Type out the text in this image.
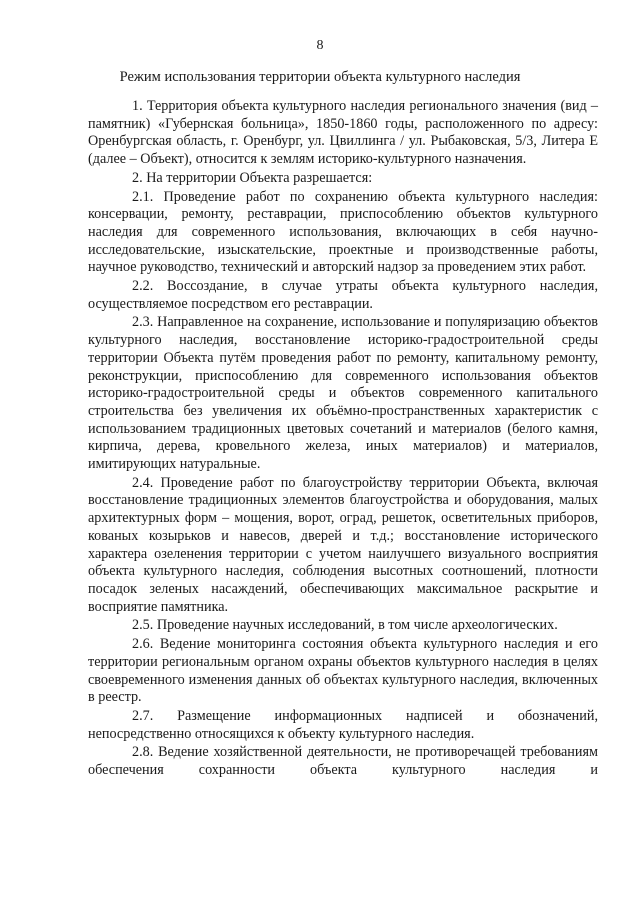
8
Режим использования территории объекта культурного наследия

1. Территория объекта культурного наследия регионального значения (вид – памятник) «Губернская больница», 1850-1860 годы, расположенного по адресу: Оренбургская область, г. Оренбург, ул. Цвиллинга / ул. Рыбаковская, 5/3, Литера Е (далее – Объект), относится к землям историко-культурного назначения.

2. На территории Объекта разрешается:

2.1. Проведение работ по сохранению объекта культурного наследия: консервации, ремонту, реставрации, приспособлению объектов культурного наследия для современного использования, включающих в себя научно-исследовательские, изыскательские, проектные и производственные работы, научное руководство, технический и авторский надзор за проведением этих работ.

2.2. Воссоздание, в случае утраты объекта культурного наследия, осуществляемое посредством его реставрации.

2.3. Направленное на сохранение, использование и популяризацию объектов культурного наследия, восстановление историко-градостроительной среды территории Объекта путём проведения работ по ремонту, капитальному ремонту, реконструкции, приспособлению для современного использования объектов историко-градостроительной среды и объектов современного капитального строительства без увеличения их объёмно-пространственных характеристик с использованием традиционных цветовых сочетаний и материалов (белого камня, кирпича, дерева, кровельного железа, иных материалов) и материалов, имитирующих натуральные.

2.4. Проведение работ по благоустройству территории Объекта, включая восстановление традиционных элементов благоустройства и оборудования, малых архитектурных форм – мощения, ворот, оград, решеток, осветительных приборов, кованых козырьков и навесов, дверей и т.д.; восстановление исторического характера озеленения территории с учетом наилучшего визуального восприятия объекта культурного наследия, соблюдения высотных соотношений, плотности посадок зеленых насаждений, обеспечивающих максимальное раскрытие и восприятие памятника.

2.5. Проведение научных исследований, в том числе археологических.

2.6. Ведение мониторинга состояния объекта культурного наследия и его территории региональным органом охраны объектов культурного наследия в целях своевременного изменения данных об объектах культурного наследия, включенных в реестр.

2.7. Размещение информационных надписей и обозначений, непосредственно относящихся к объекту культурного наследия.

2.8. Ведение хозяйственной деятельности, не противоречащей требованиям обеспечения сохранности объекта культурного наследия и
